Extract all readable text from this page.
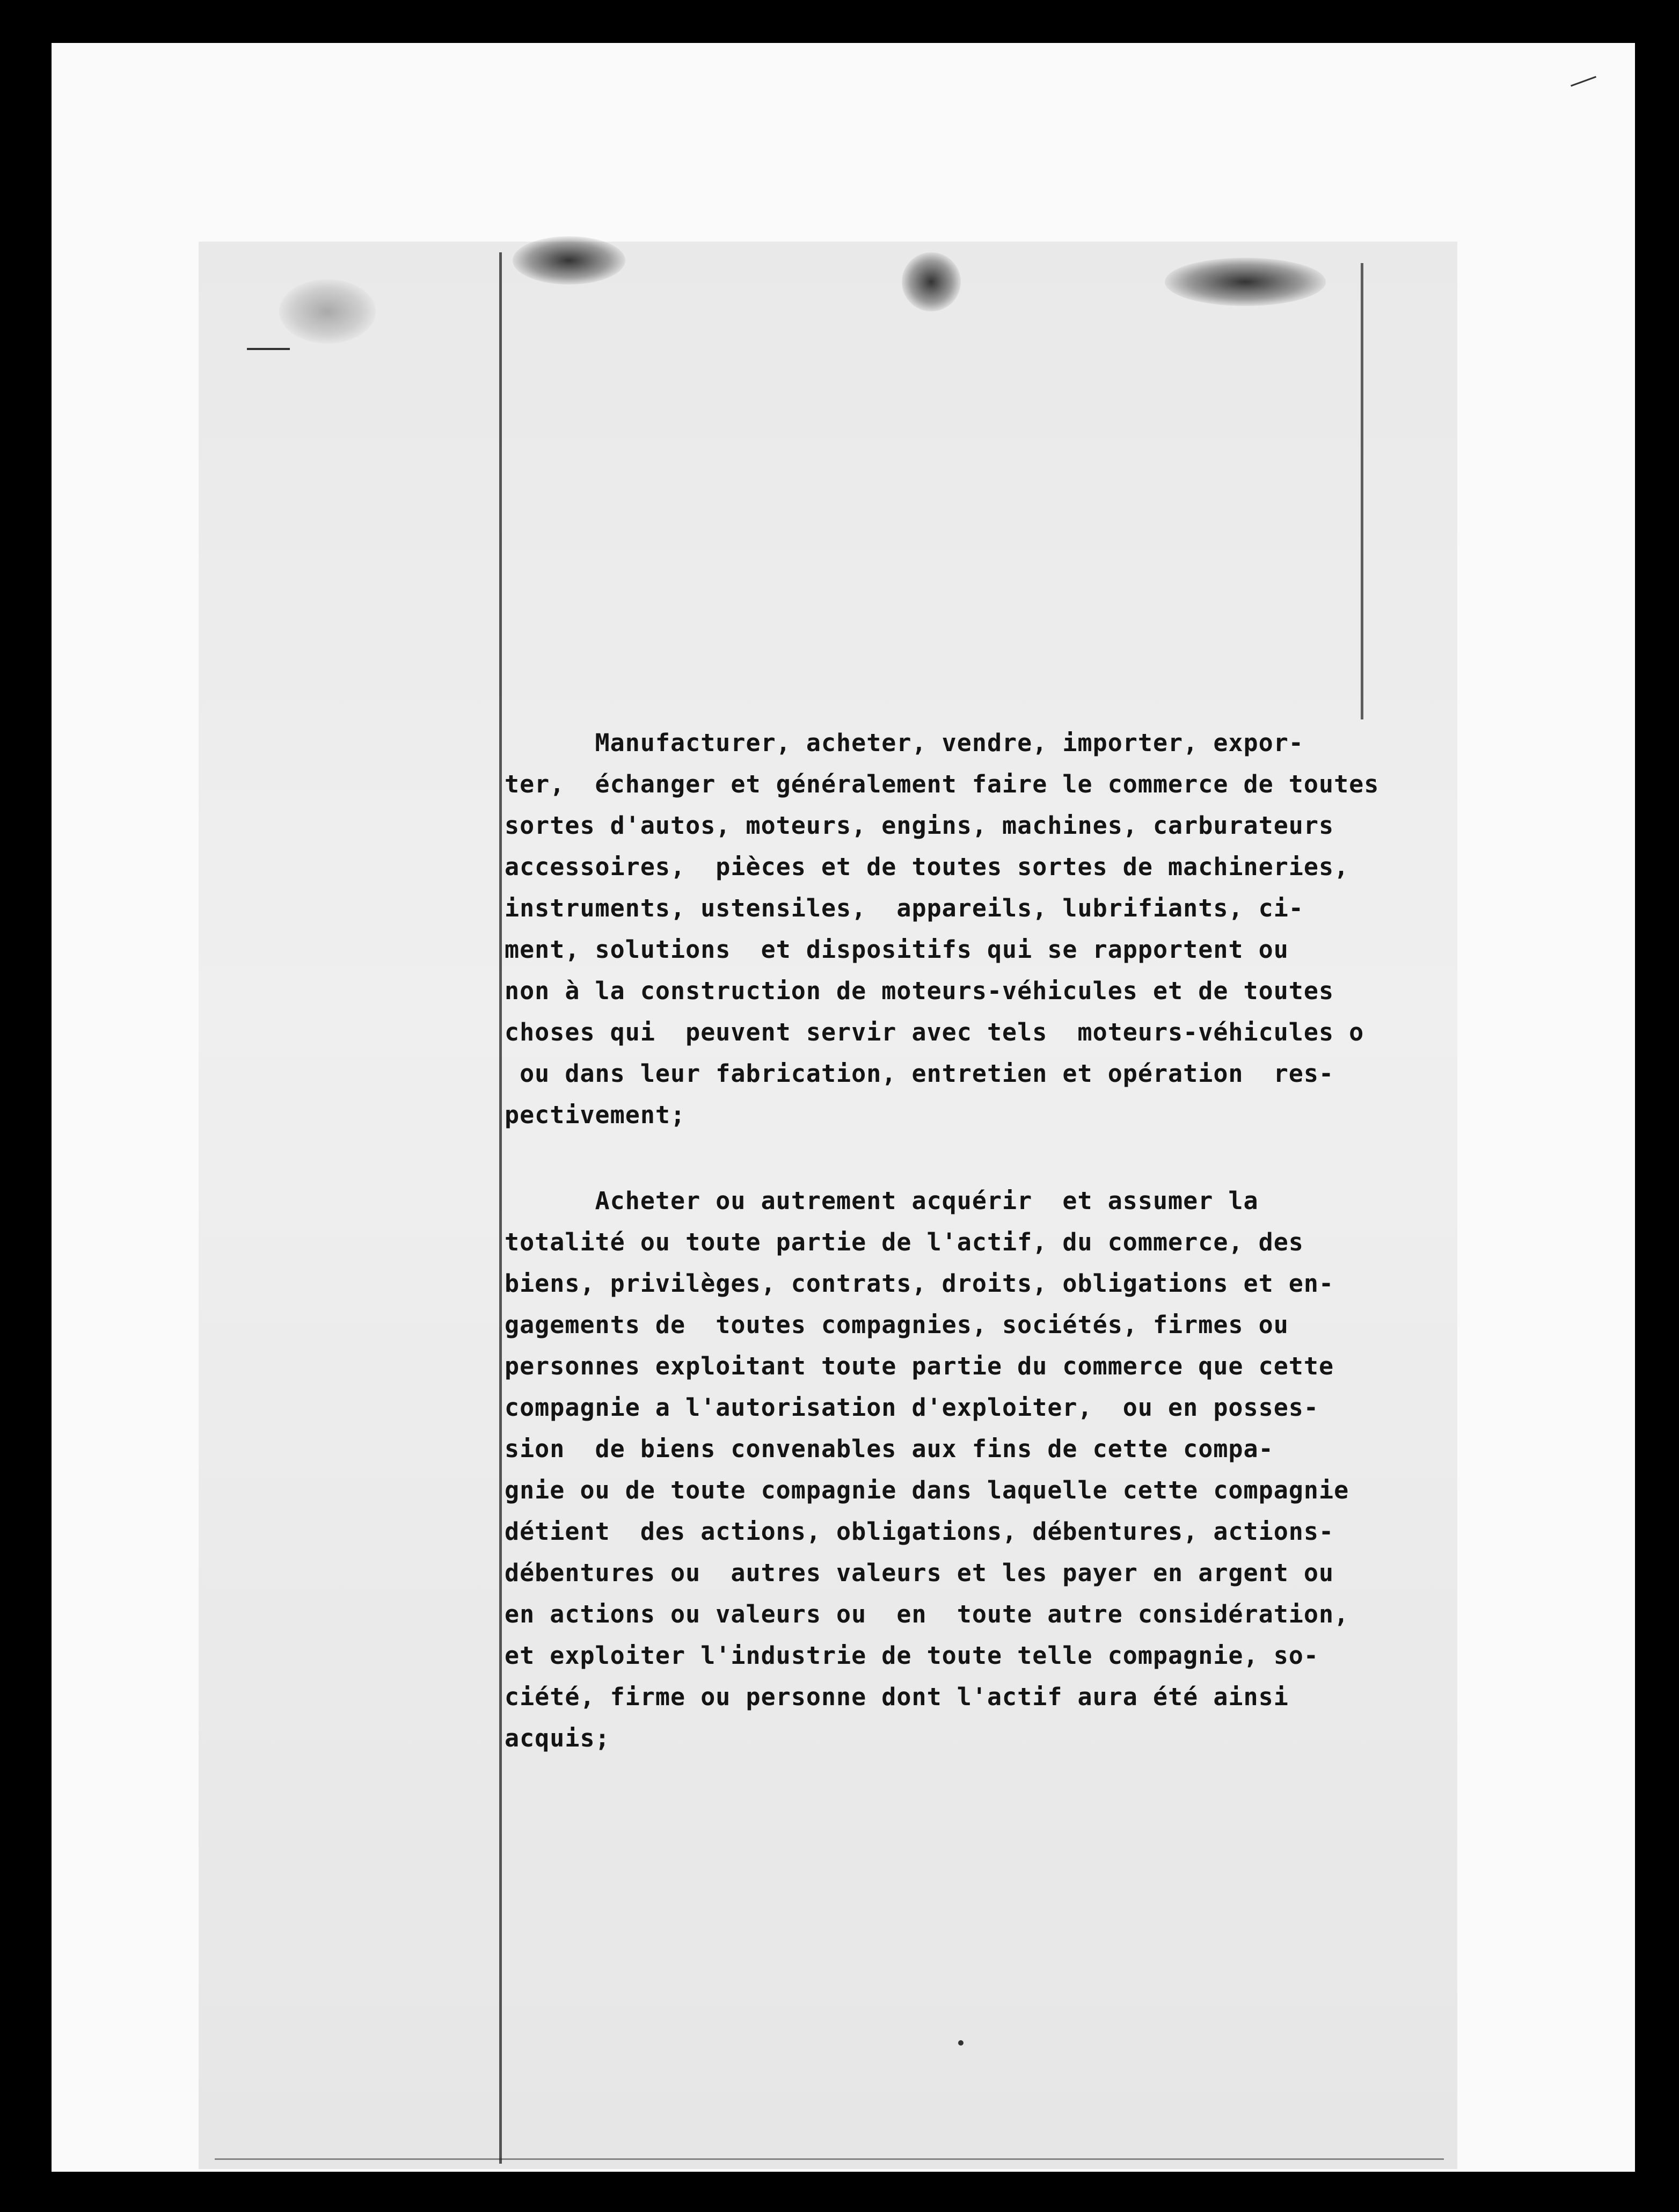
Manufacturer, acheter, vendre, importer, expor-
ter,  échanger et généralement faire le commerce de toutes
sortes d'autos, moteurs, engins, machines, carburateurs
accessoires,  pièces et de toutes sortes de machineries,
instruments, ustensiles,  appareils, lubrifiants, ci-
ment, solutions  et dispositifs qui se rapportent ou
non à la construction de moteurs-véhicules et de toutes
choses qui  peuvent servir avec tels  moteurs-véhicules o
ou dans leur fabrication, entretien et opération  res-
pectivement;
Acheter ou autrement acquérir  et assumer la
totalité ou toute partie de l'actif, du commerce, des
biens, privilèges, contrats, droits, obligations et en-
gagements de  toutes compagnies, sociétés, firmes ou
personnes exploitant toute partie du commerce que cette
compagnie a l'autorisation d'exploiter,  ou en posses-
sion  de biens convenables aux fins de cette compa-
gnie ou de toute compagnie dans laquelle cette compagnie
détient  des actions, obligations, débentures, actions-
débentures ou  autres valeurs et les payer en argent ou
en actions ou valeurs ou  en  toute autre considération,
et exploiter l'industrie de toute telle compagnie, so-
ciété, firme ou personne dont l'actif aura été ainsi
acquis;
